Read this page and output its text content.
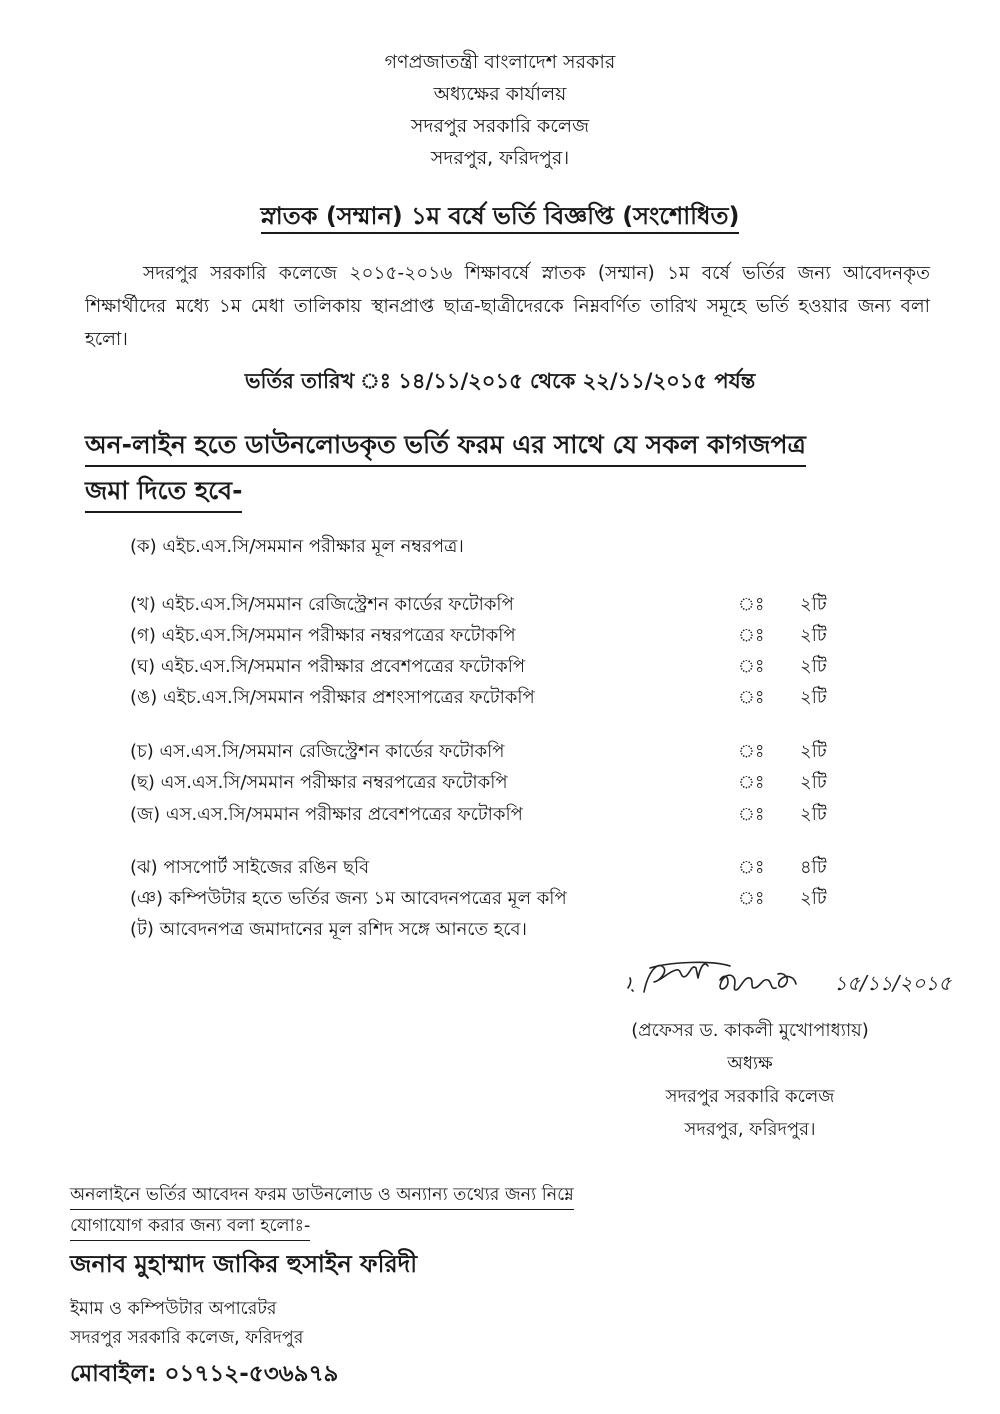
গণপ্রজাতন্ত্রী বাংলাদেশ সরকার
অধ্যক্ষের কার্যালয়
সদরপুর সরকারি কলেজ
সদরপুর, ফরিদপুর।
স্নাতক (সম্মান) ১ম বর্ষে ভর্তি বিজ্ঞপ্তি (সংশোধিত)
সদরপুর সরকারি কলেজে ২০১৫-২০১৬ শিক্ষাবর্ষে স্নাতক (সম্মান) ১ম বর্ষে ভর্তির জন্য আবেদনকৃত শিক্ষার্থীদের মধ্যে ১ম মেধা তালিকায় স্থানপ্রাপ্ত ছাত্র-ছাত্রীদেরকে নিম্নবর্ণিত তারিখ সমূহে ভর্তি হওয়ার জন্য বলা হলো।
ভর্তির তারিখ ঃ ১৪/১১/২০১৫ থেকে ২২/১১/২০১৫ পর্যন্ত
অন-লাইন হতে ডাউনলোডকৃত ভর্তি ফরম এর সাথে যে সকল কাগজপত্র
জমা দিতে হবে-
(ক) এইচ.এস.সি/সমমান পরীক্ষার মূল নম্বরপত্র।
(খ) এইচ.এস.সি/সমমান রেজিস্ট্রেশন কার্ডের ফটোকপি	ঃ ২টি
(গ) এইচ.এস.সি/সমমান পরীক্ষার নম্বরপত্রের ফটোকপি	ঃ ২টি
(ঘ) এইচ.এস.সি/সমমান পরীক্ষার প্রবেশপত্রের ফটোকপি	ঃ ২টি
(ঙ) এইচ.এস.সি/সমমান পরীক্ষার প্রশংসাপত্রের ফটোকপি	ঃ ২টি
(চ) এস.এস.সি/সমমান রেজিস্ট্রেশন কার্ডের ফটোকপি	ঃ ২টি
(ছ) এস.এস.সি/সমমান পরীক্ষার নম্বরপত্রের ফটোকপি	ঃ ২টি
(জ) এস.এস.সি/সমমান পরীক্ষার প্রবেশপত্রের ফটোকপি	ঃ ২টি
(ঝ) পাসপোর্ট সাইজের রঙিন ছবি	ঃ ৪টি
(ঞ) কম্পিউটার হতে ভর্তির জন্য ১ম আবেদনপত্রের মূল কপি	ঃ ২টি
(ট) আবেদনপত্র জমাদানের মূল রশিদ সঙ্গে আনতে হবে।
১৫/১১/২০১৫
(প্রফেসর ড. কাকলী মুখোপাধ্যায়)
অধ্যক্ষ
সদরপুর সরকারি কলেজ
সদরপুর, ফরিদপুর।
অনলাইনে ভর্তির আবেদন ফরম ডাউনলোড ও অন্যান্য তথ্যের জন্য নিম্নে
যোগাযোগ করার জন্য বলা হলোঃ-
জনাব মুহাম্মাদ জাকির হুসাইন ফরিদী
ইমাম ও কম্পিউটার অপারেটর
সদরপুর সরকারি কলেজ, ফরিদপুর
মোবাইল: ০১৭১২-৫৩৬৯৭৯
